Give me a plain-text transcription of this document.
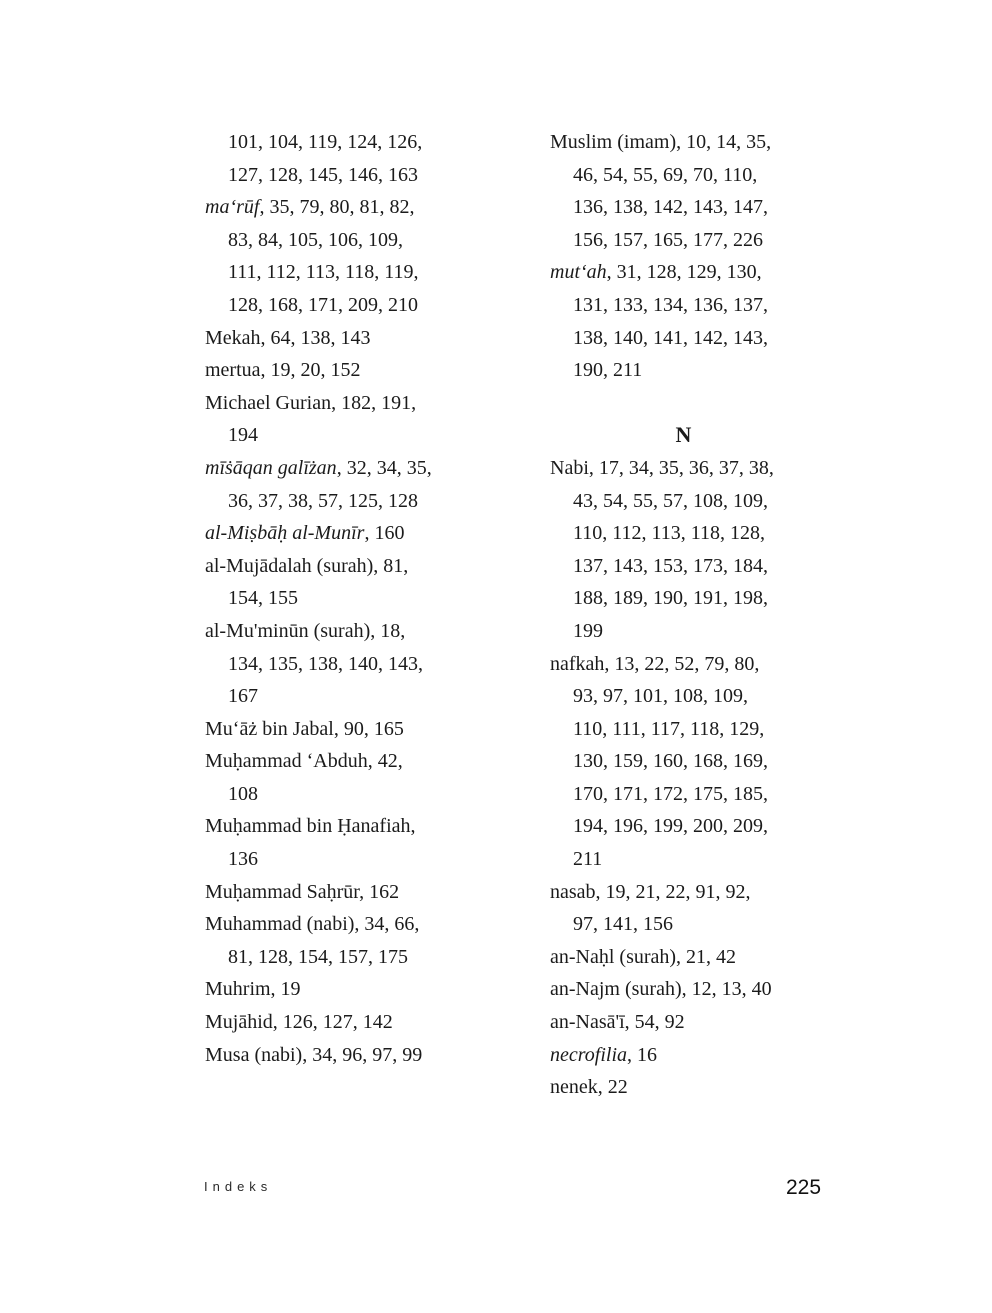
101, 104, 119, 124, 126,
127, 128, 145, 146, 163
ma‘rūf, 35, 79, 80, 81, 82,
83, 84, 105, 106, 109,
111, 112, 113, 118, 119,
128, 168, 171, 209, 210
Mekah, 64, 138, 143
mertua, 19, 20, 152
Michael Gurian, 182, 191,
194
mīṡāqan galīżan, 32, 34, 35,
36, 37, 38, 57, 125, 128
al-Miṣbāḥ al-Munīr, 160
al-Mujādalah (surah), 81,
154, 155
al-Mu'minūn (surah), 18,
134, 135, 138, 140, 143,
167
Mu‘āż bin Jabal, 90, 165
Muḥammad ‘Abduh, 42,
108
Muḥammad bin Ḥanafiah,
136
Muḥammad Saḥrūr, 162
Muhammad (nabi), 34, 66,
81, 128, 154, 157, 175
Muhrim, 19
Mujāhid, 126, 127, 142
Musa (nabi), 34, 96, 97, 99
Muslim (imam), 10, 14, 35,
46, 54, 55, 69, 70, 110,
136, 138, 142, 143, 147,
156, 157, 165, 177, 226
mut‘ah, 31, 128, 129, 130,
131, 133, 134, 136, 137,
138, 140, 141, 142, 143,
190, 211
N
Nabi, 17, 34, 35, 36, 37, 38,
43, 54, 55, 57, 108, 109,
110, 112, 113, 118, 128,
137, 143, 153, 173, 184,
188, 189, 190, 191, 198,
199
nafkah, 13, 22, 52, 79, 80,
93, 97, 101, 108, 109,
110, 111, 117, 118, 129,
130, 159, 160, 168, 169,
170, 171, 172, 175, 185,
194, 196, 199, 200, 209,
211
nasab, 19, 21, 22, 91, 92,
97, 141, 156
an-Naḥl (surah), 21, 42
an-Najm (surah), 12, 13, 40
an-Nasā'ī, 54, 92
necrofilia, 16
nenek, 22
Indeks	225
